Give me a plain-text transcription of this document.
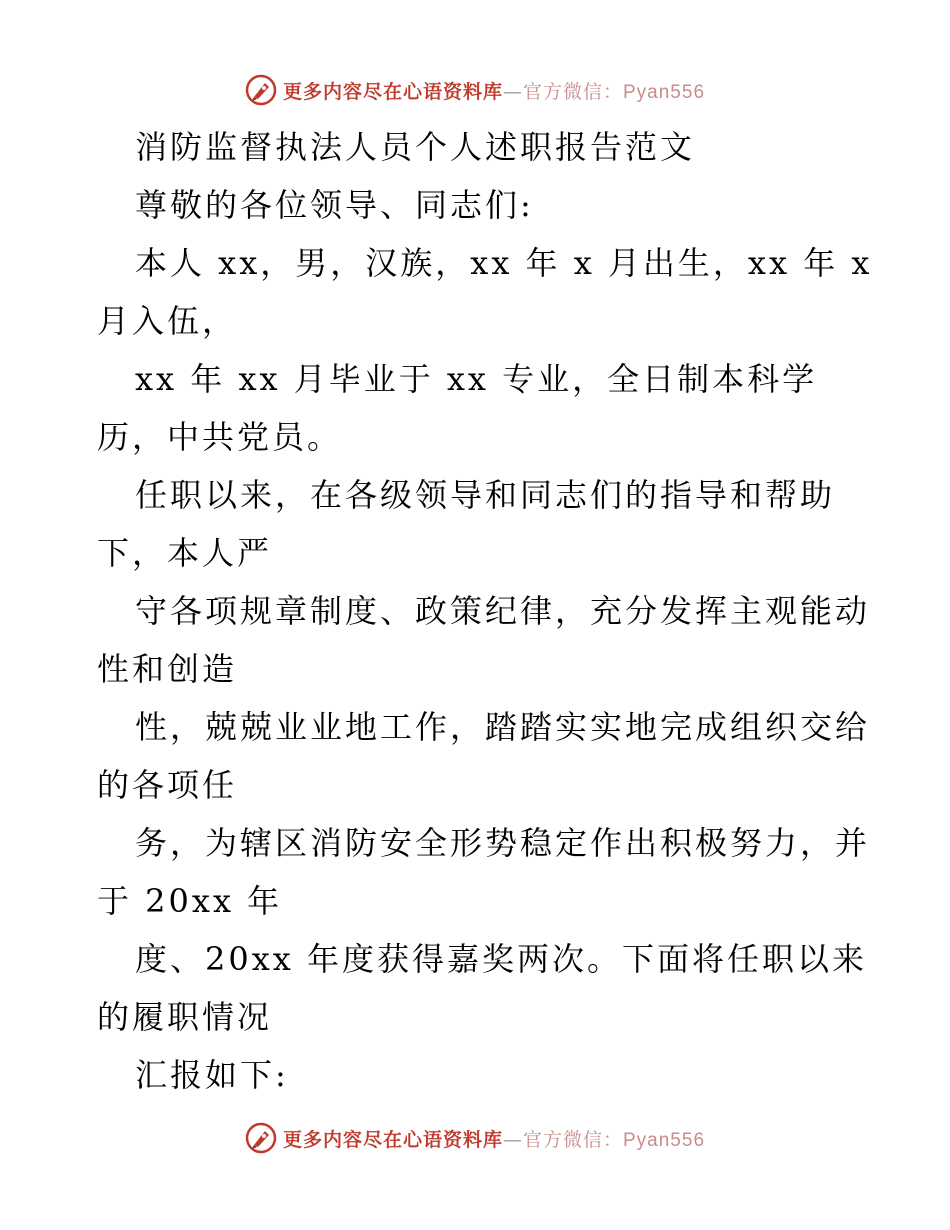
更多内容尽在心语资料库—官方微信：Pyan556
消防监督执法人员个人述职报告范文
尊敬的各位领导、同志们:
本人 xx，男，汉族，xx 年 x 月出生，xx 年 x
月入伍，
xx 年 xx 月毕业于 xx 专业，全日制本科学
历，中共党员。
任职以来，在各级领导和同志们的指导和帮助
下，本人严
守各项规章制度、政策纪律，充分发挥主观能动
性和创造
性，兢兢业业地工作，踏踏实实地完成组织交给
的各项任
务，为辖区消防安全形势稳定作出积极努力，并
于 20xx 年
度、20xx 年度获得嘉奖两次。下面将任职以来
的履职情况
汇报如下:
更多内容尽在心语资料库—官方微信：Pyan556
